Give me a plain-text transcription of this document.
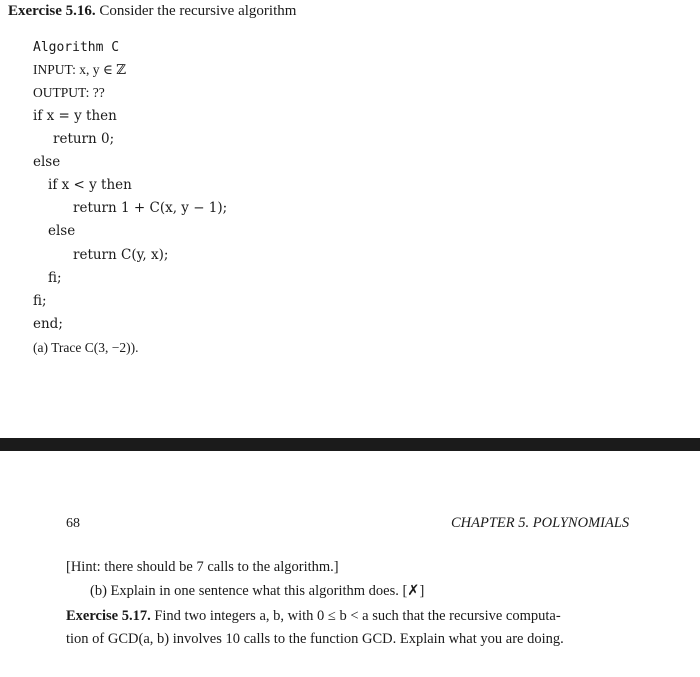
Exercise 5.16. Consider the recursive algorithm
Algorithm C
INPUT: x, y ∈ ℤ
OUTPUT: ??
if x = y then
return 0;
else
if x < y then
return 1 + C(x, y − 1);
else
return C(y, x);
fi;
fi;
end;
(a) Trace C(3, −2)).
68	CHAPTER 5. POLYNOMIALS
[Hint: there should be 7 calls to the algorithm.]
(b) Explain in one sentence what this algorithm does. [✗]
Exercise 5.17. Find two integers a, b, with 0 ≤ b < a such that the recursive computa-
tion of GCD(a, b) involves 10 calls to the function GCD. Explain what you are doing.
